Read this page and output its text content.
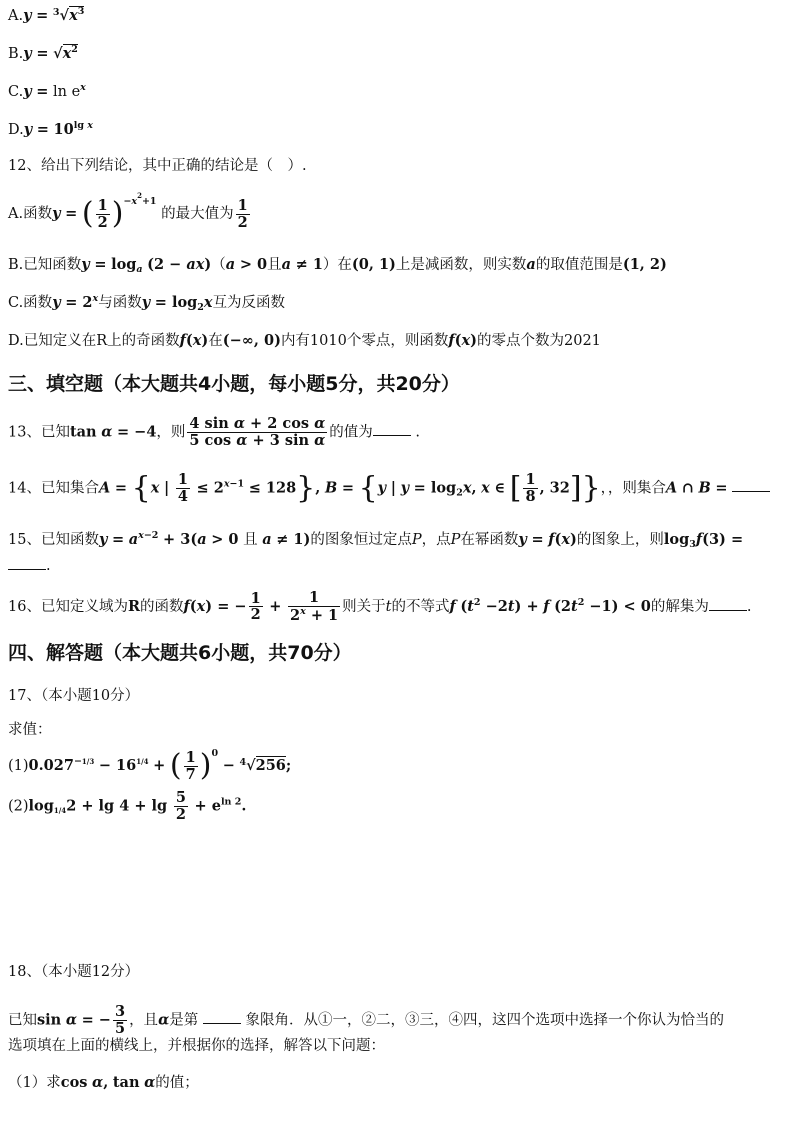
$A.y = ^3√x^3$
$B.y = √x^2$
$C.y = \ln e^x$
$D.y = 10^{lg x}$
12、给出下列结论，其中正确的结论是（　）.
A.函数y = ( $\frac{1}{2} )^{-x^2+1}$ 的最大值为 $\frac{1}{2}$
B.已知函数$y = \log_a (2 - ax)(a > 0$且a ≠ 1）在(0, 1)上是减函数，则实数a的取值范围是(1, 2)
C.函数$y = 2^x$与函数$y = \log_2x$互为反函数
D.已知定义在R上的奇函数f(x)在(−∞, 0)内有1010个零点，则函数f(x)的零点个数为2021
三、填空题（本大题共4小题，每小题5分，共20分）
13、已知tan α = −4，则 $\frac{\text{4 sin α + 2 cos α}}{\text{5 cos α + 3 sin α}}$ 的值为	.
14、已知集合A = {x | $\frac{1}{4} \le 2^{x-1} \le 128$}, B = {y | $y = \log_2x$, x ∈ [ $\frac{1}{8}$ , 32]}，，则集合A ∩ B =
15、已知函数$y = a^{x-2} + 3(a > 0$ 且 a ≠ 1)的图象恒过定点P，点P在幂函数y = f(x)的图象上，则$\log_3f(3)$ =
.
16、已知定义域为R的函数f(x) = − $\frac{1}{2} + \frac{1}{2^x + 1}$ 则关于t的不等式f $(t^2 -2t) + f$ $(2t^2 -1) < 0$的解集为	.
四、解答题（本大题共6小题，共70分）
17、（本小题10分）
求值：
$(1)0.027^{-1/3} - 16^{1/4}$ + ( $\frac{1}{7} )^0 - ^4√256$;
$(2)\log_{1/4}2 + \lg 4 + \lg \frac{5}{2} + e^{ln 2}$.
18、（本小题12分）
已知sin α = − $\frac{3}{5}$ ，且α是第	象限角．从①一，②二，③三，④四，这四个选项中选择一个你认为恰当的
选项填在上面的横线上，并根据你的选择，解答以下问题：
（1）求cos α, tan α的值；
